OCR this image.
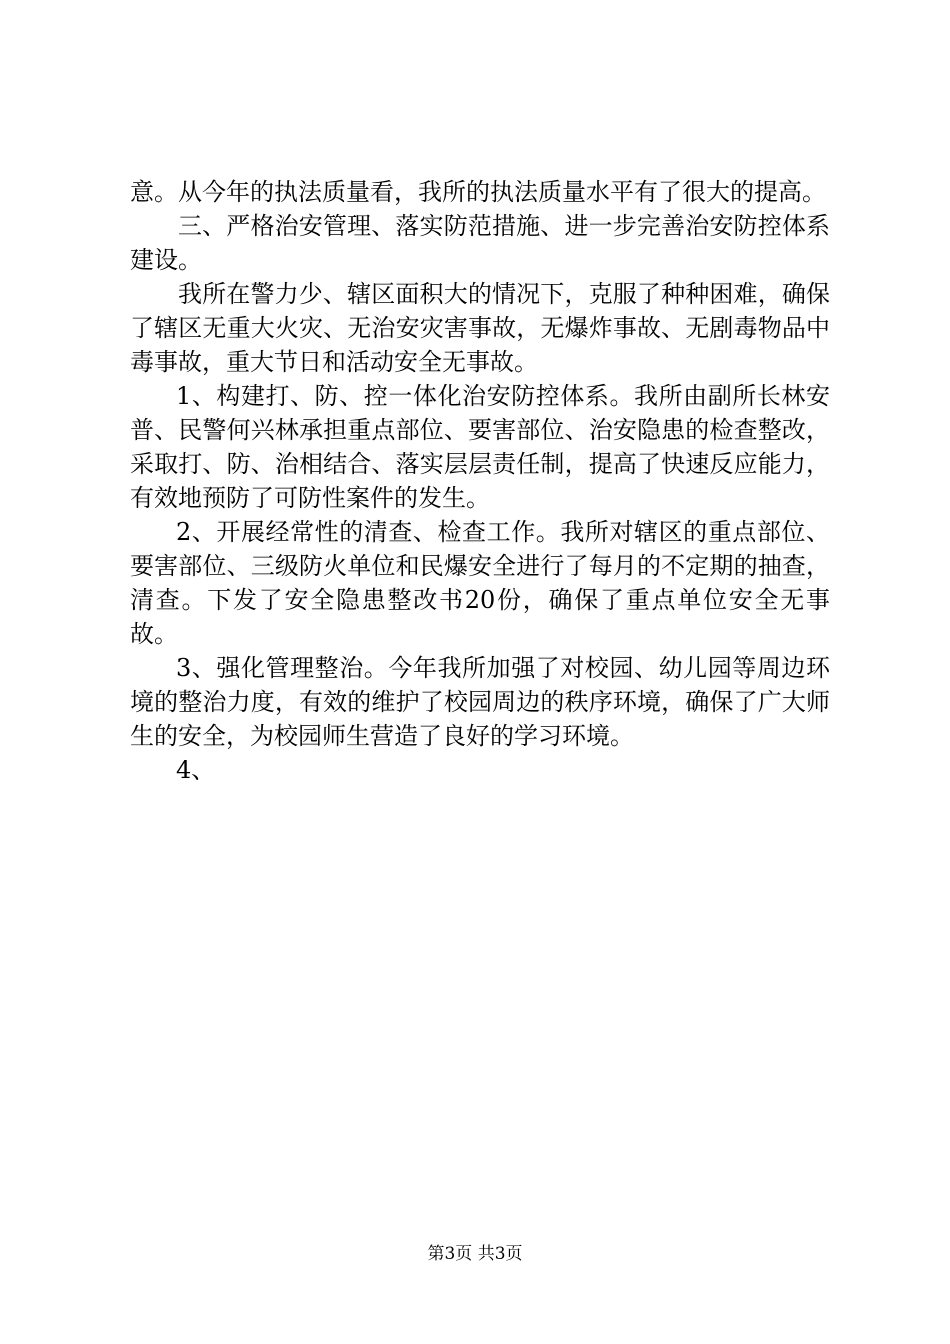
意。从今年的执法质量看，我所的执法质量水平有了很大的提高。

三、严格治安管理、落实防范措施、进一步完善治安防控体系建设。

我所在警力少、辖区面积大的情况下，克服了种种困难，确保了辖区无重大火灾、无治安灾害事故，无爆炸事故、无剧毒物品中毒事故，重大节日和活动安全无事故。

1、构建打、防、控一体化治安防控体系。我所由副所长林安普、民警何兴林承担重点部位、要害部位、治安隐患的检查整改，采取打、防、治相结合、落实层层责任制，提高了快速反应能力，有效地预防了可防性案件的发生。

2、开展经常性的清查、检查工作。我所对辖区的重点部位、要害部位、三级防火单位和民爆安全进行了每月的不定期的抽查，清查。下发了安全隐患整改书20份，确保了重点单位安全无事故。

3、强化管理整治。今年我所加强了对校园、幼儿园等周边环境的整治力度，有效的维护了校园周边的秩序环境，确保了广大师生的安全，为校园师生营造了良好的学习环境。

4、

第3页 共3页
